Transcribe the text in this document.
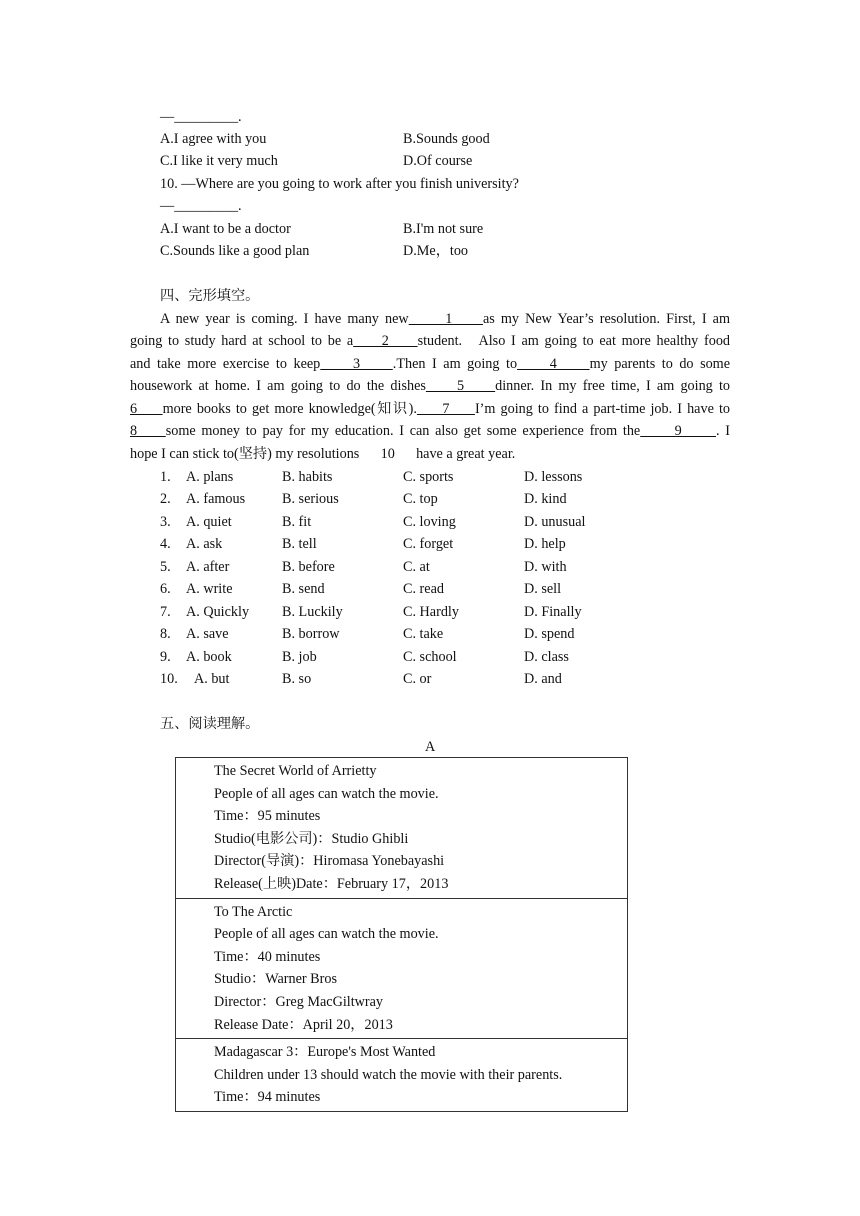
—_________.
A.I agree with you	B.Sounds good
C.I like it very much	D.Of course
10. —Where are you going to work after you finish university?
—_________.
A.I want to be a doctor	B.I'm not sure
C.Sounds like a good plan	D.Me，too
四、完形填空。
A new year is coming. I have many new      1     as my New Year’s resolution. First, I am
going to study hard at school to be a     2     student.   Also I am going to eat more healthy food
and take more exercise to keep     3     .Then I am going to     4     my parents to do some
housework at home. I am going to do the dishes     5     dinner. In my free time, I am going to
6     more books to get more knowledge(知识).     7     I’m going to find a part-time job. I have to
8     some money to pay for my education. I can also get some experience from the      9      . I
hope I can stick to(坚持) my resolutions      10      have a great year.
1. A. plans	B. habits	C. sports	D. lessons
2. A. famous	B. serious	C. top	D. kind
3. A. quiet	B. fit	C. loving	D. unusual
4. A. ask	B. tell	C. forget	D. help
5. A. after	B. before	C. at	D. with
6. A. write	B. send	C. read	D. sell
7. A. Quickly B. Luckily	C. Hardly	D. Finally
8. A. save	B. borrow	C. take	D. spend
9. A. book	B. job	C. school	D. class
10. A. but	B. so	C. or	D. and
五、阅读理解。
A
The Secret World of Arrietty
People of all ages can watch the movie.
Time：95 minutes
Studio(电影公司)：Studio Ghibli
Director(导演)：Hiromasa Yonebayashi
Release(上映)Date：February 17，2013

To The Arctic
People of all ages can watch the movie.
Time：40 minutes
Studio：Warner Bros
Director：Greg MacGiltwray
Release Date：April 20，2013

Madagascar 3：Europe's Most Wanted
Children under 13 should watch the movie with their parents.
Time：94 minutes
